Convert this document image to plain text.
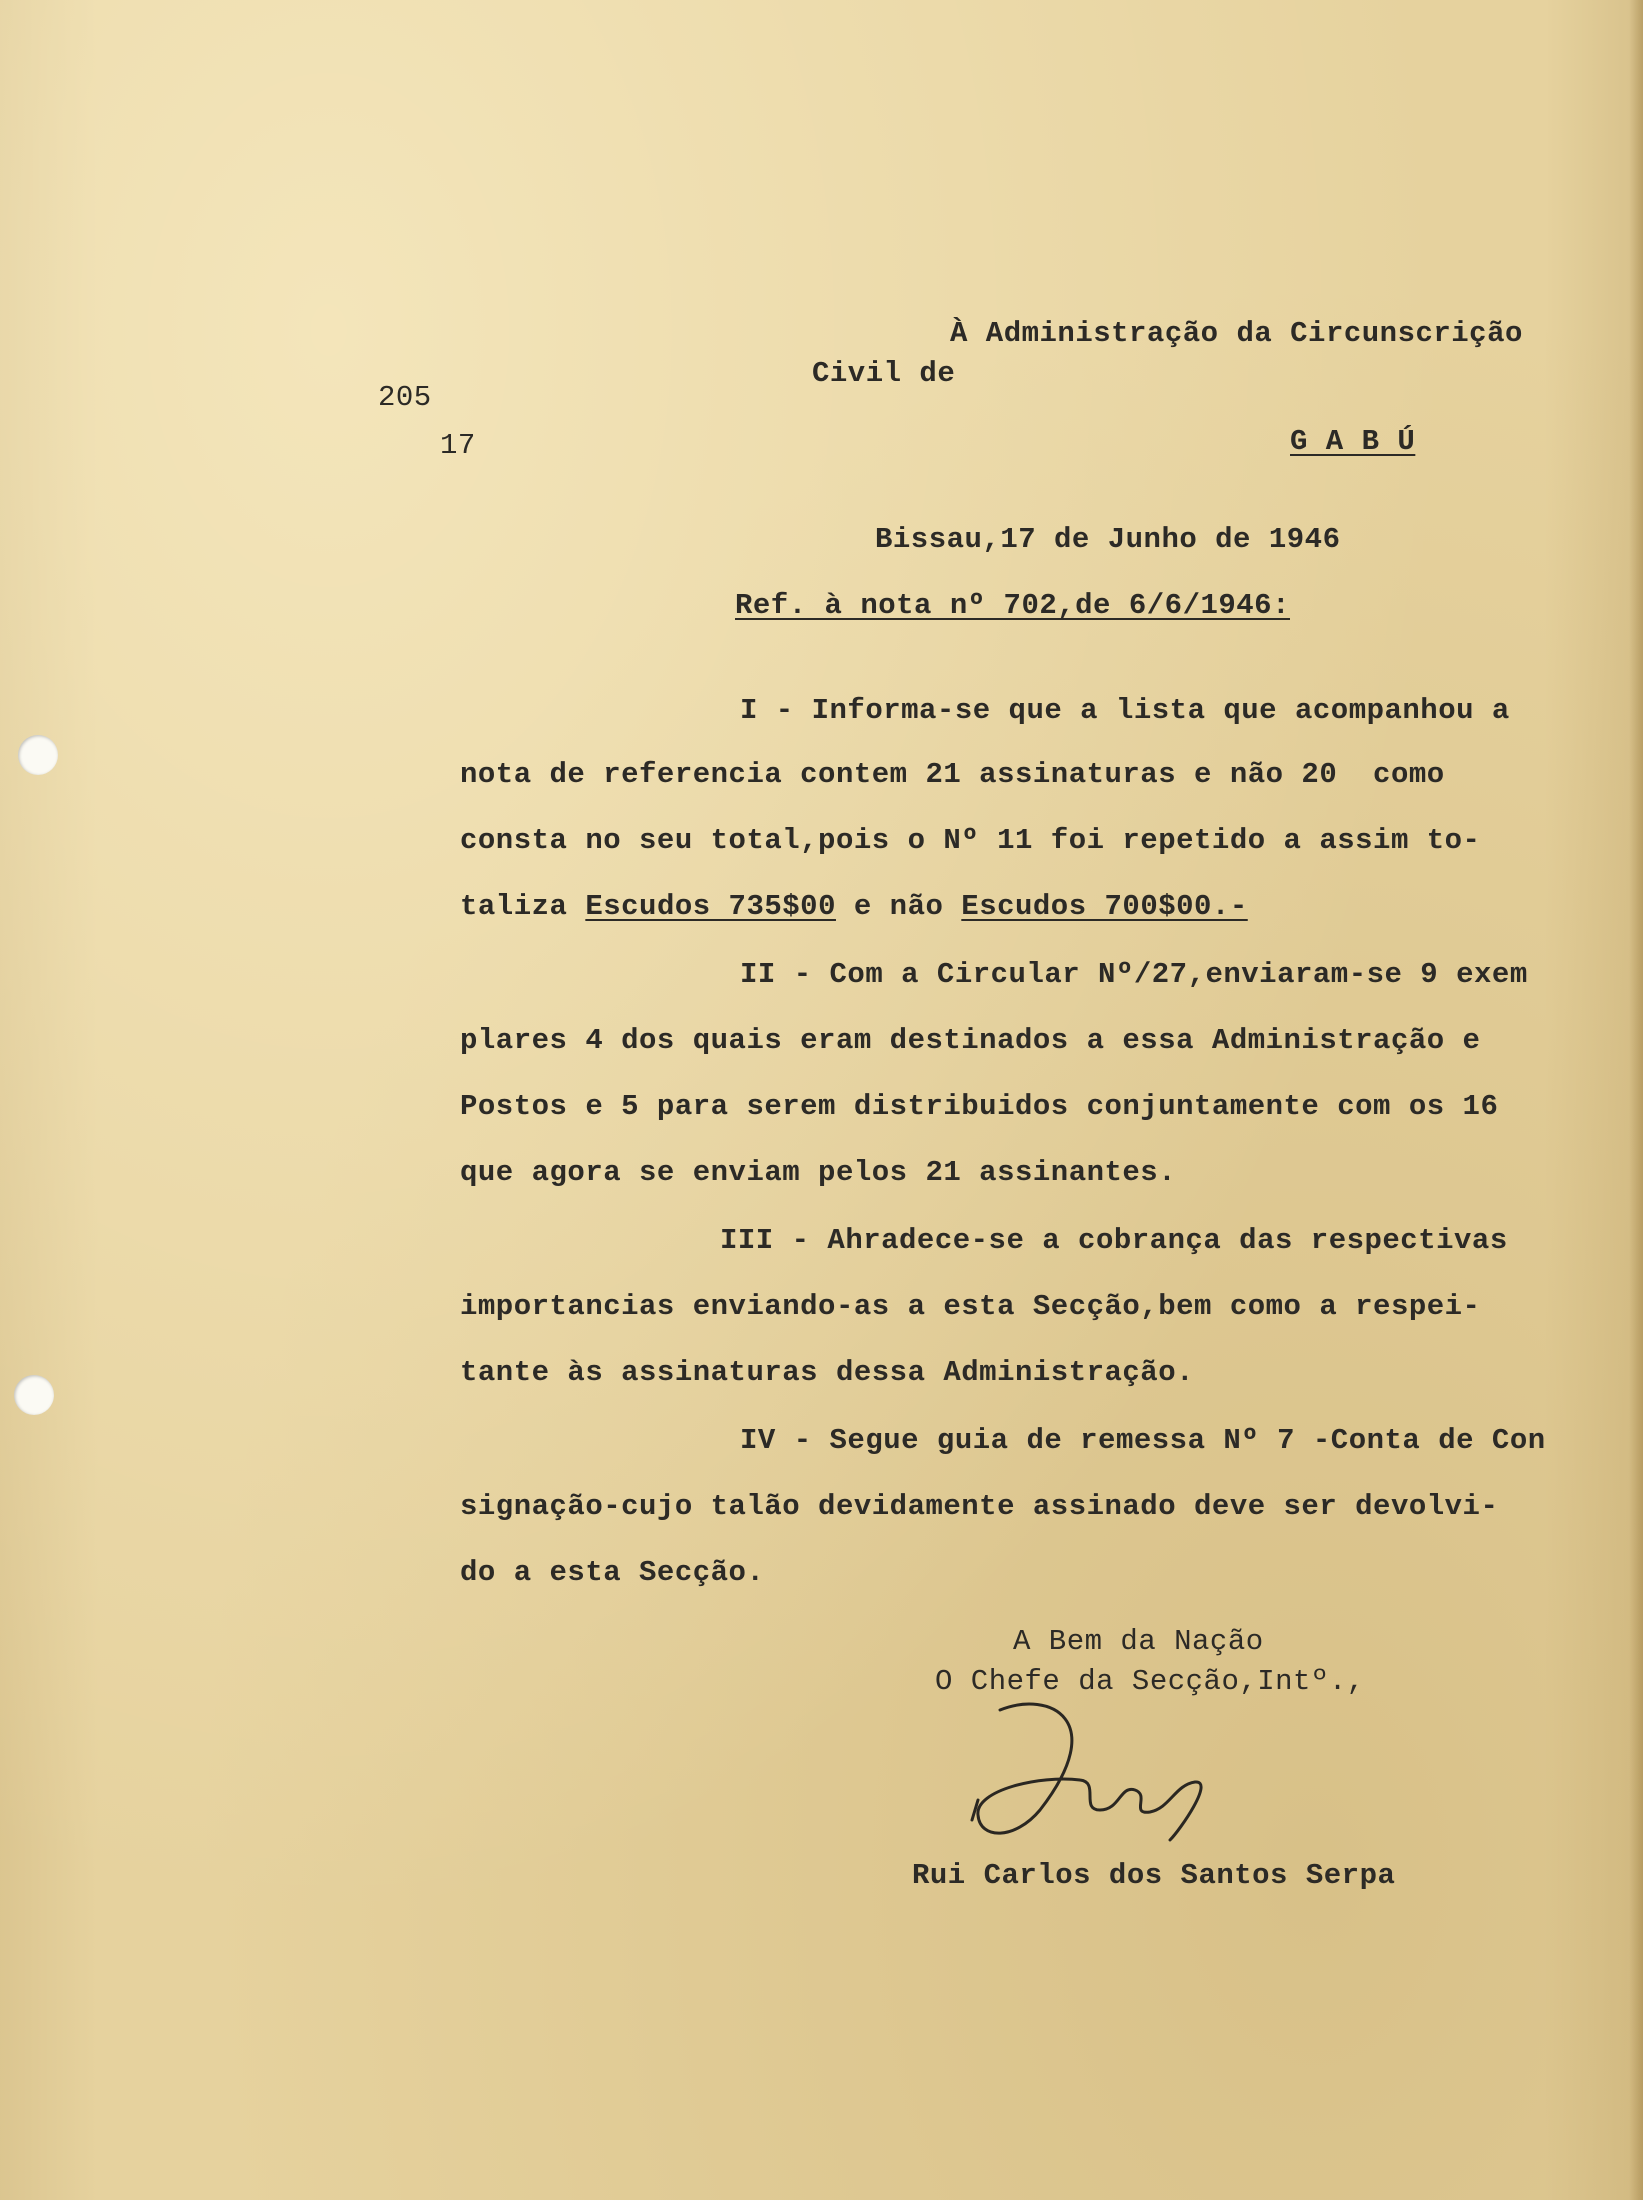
À Administração da Circunscrição
Civil de
205
17	G A B Ú
Bissau,17 de Junho de 1946
Ref. à nota nº 702,de 6/6/1946:
I - Informa-se que a lista que acompanhou a
nota de referencia contem 21 assinaturas e não 20  como
consta no seu total,pois o Nº 11 foi repetido a assim to-
taliza Escudos 735$00 e não Escudos 700$00.-
II - Com a Circular Nº/27,enviaram-se 9 exem
plares 4 dos quais eram destinados a essa Administração e
Postos e 5 para serem distribuidos conjuntamente com os 16
que agora se enviam pelos 21 assinantes.
III - Ahradece-se a cobrança das respectivas
importancias enviando-as a esta Secção,bem como a respei-
tante às assinaturas dessa Administração.
IV - Segue guia de remessa Nº 7 -Conta de Con
signação-cujo talão devidamente assinado deve ser devolvi-
do a esta Secção.
A Bem da Nação
O Chefe da Secção,Intº.,
Rui Carlos dos Santos Serpa
